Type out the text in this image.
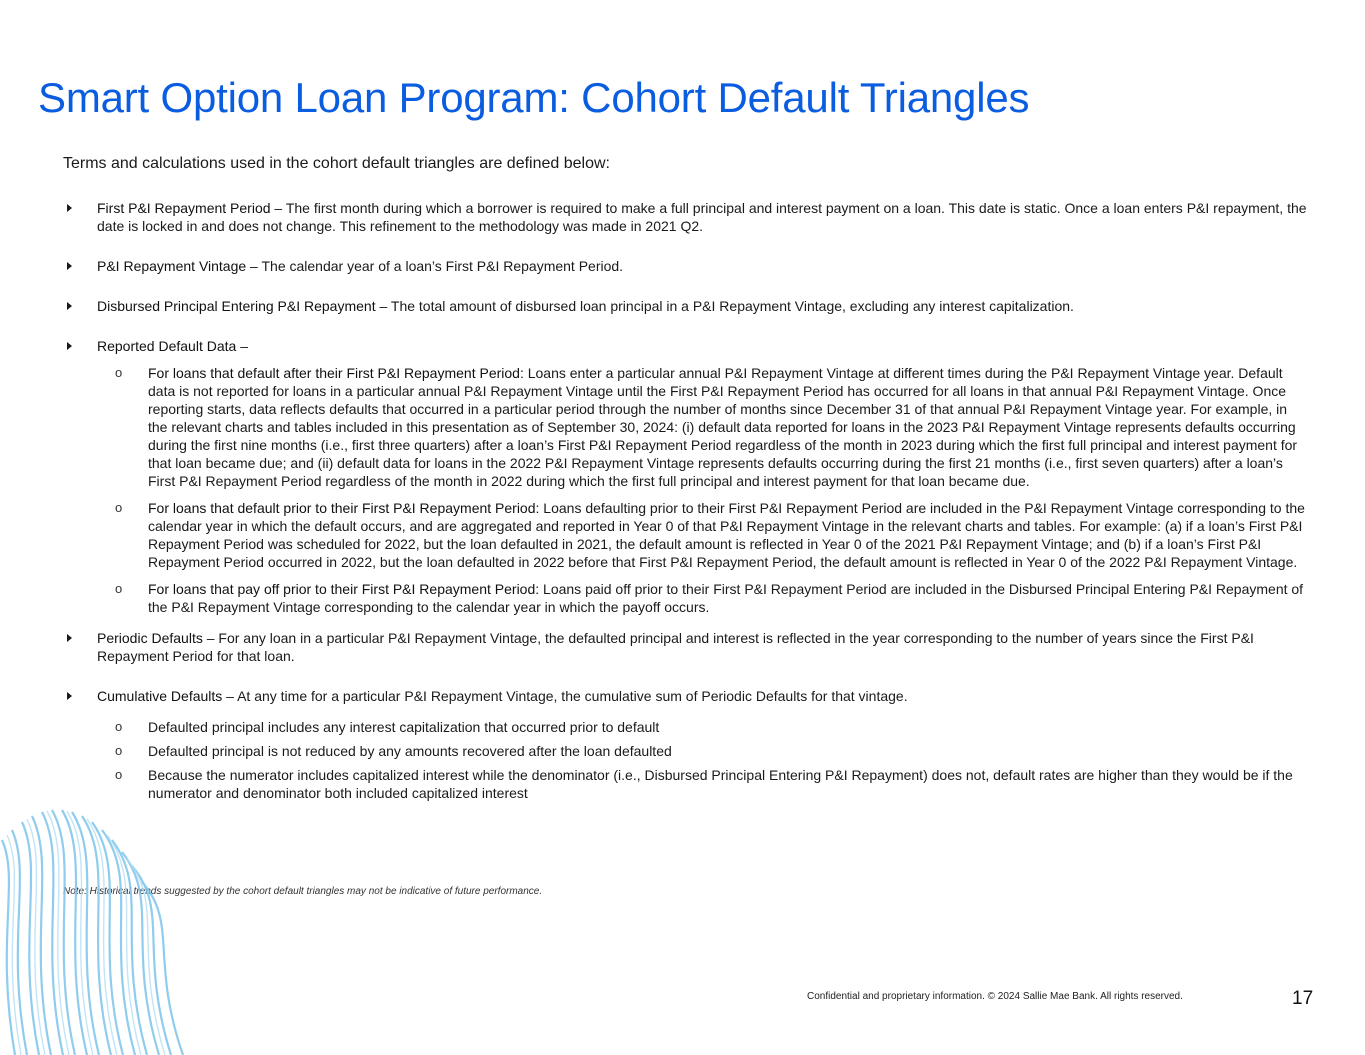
Smart Option Loan Program: Cohort Default Triangles
Terms and calculations used in the cohort default triangles are defined below:
First P&I Repayment Period – The first month during which a borrower is required to make a full principal and interest payment on a loan. This date is static. Once a loan enters P&I repayment, the date is locked in and does not change. This refinement to the methodology was made in 2021 Q2.
P&I Repayment Vintage – The calendar year of a loan’s First P&I Repayment Period.
Disbursed Principal Entering P&I Repayment – The total amount of disbursed loan principal in a P&I Repayment Vintage, excluding any interest capitalization.
Reported Default Data –
o For loans that default after their First P&I Repayment Period: Loans enter a particular annual P&I Repayment Vintage at different times during the P&I Repayment Vintage year. Default data is not reported for loans in a particular annual P&I Repayment Vintage until the First P&I Repayment Period has occurred for all loans in that annual P&I Repayment Vintage. Once reporting starts, data reflects defaults that occurred in a particular period through the number of months since December 31 of that annual P&I Repayment Vintage year. For example, in the relevant charts and tables included in this presentation as of September 30, 2024: (i) default data reported for loans in the 2023 P&I Repayment Vintage represents defaults occurring during the first nine months (i.e., first three quarters) after a loan’s First P&I Repayment Period regardless of the month in 2023 during which the first full principal and interest payment for that loan became due; and (ii) default data for loans in the 2022 P&I Repayment Vintage represents defaults occurring during the first 21 months (i.e., first seven quarters) after a loan’s First P&I Repayment Period regardless of the month in 2022 during which the first full principal and interest payment for that loan became due.
o For loans that default prior to their First P&I Repayment Period: Loans defaulting prior to their First P&I Repayment Period are included in the P&I Repayment Vintage corresponding to the calendar year in which the default occurs, and are aggregated and reported in Year 0 of that P&I Repayment Vintage in the relevant charts and tables. For example: (a) if a loan’s First P&I Repayment Period was scheduled for 2022, but the loan defaulted in 2021, the default amount is reflected in Year 0 of the 2021 P&I Repayment Vintage; and (b) if a loan’s First P&I Repayment Period occurred in 2022, but the loan defaulted in 2022 before that First P&I Repayment Period, the default amount is reflected in Year 0 of the 2022 P&I Repayment Vintage.
o For loans that pay off prior to their First P&I Repayment Period: Loans paid off prior to their First P&I Repayment Period are included in the Disbursed Principal Entering P&I Repayment of the P&I Repayment Vintage corresponding to the calendar year in which the payoff occurs.
Periodic Defaults – For any loan in a particular P&I Repayment Vintage, the defaulted principal and interest is reflected in the year corresponding to the number of years since the First P&I Repayment Period for that loan.
Cumulative Defaults – At any time for a particular P&I Repayment Vintage, the cumulative sum of Periodic Defaults for that vintage.
o Defaulted principal includes any interest capitalization that occurred prior to default
o Defaulted principal is not reduced by any amounts recovered after the loan defaulted
o Because the numerator includes capitalized interest while the denominator (i.e., Disbursed Principal Entering P&I Repayment) does not, default rates are higher than they would be if the numerator and denominator both included capitalized interest
Note: Historical trends suggested by the cohort default triangles may not be indicative of future performance.
Confidential and proprietary information. © 2024 Sallie Mae Bank. All rights reserved.	17
